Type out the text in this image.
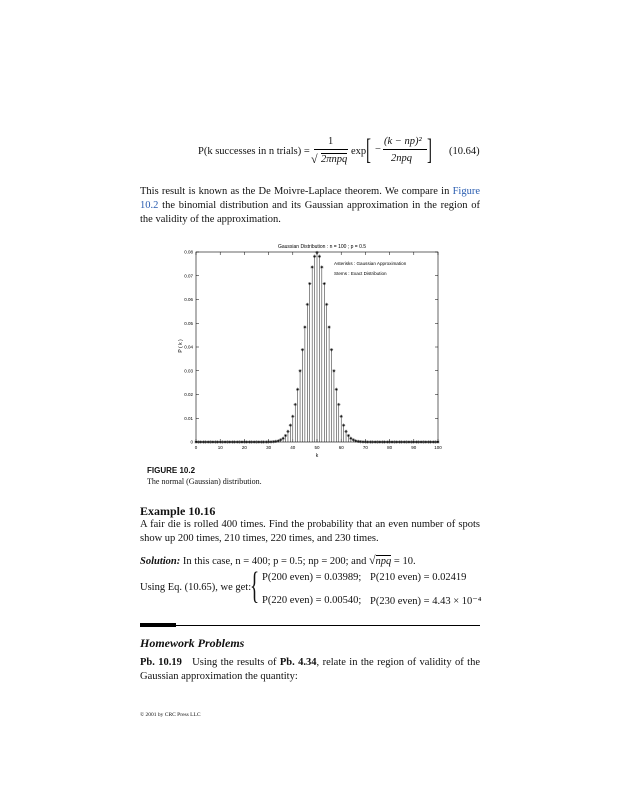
P(k successes in n trials) =
1
√ 2πnpq
exp [ −
(k − np)²
2npq ] (10.64)
This result is known as the De Moivre-Laplace theorem. We compare in Figure 10.2 the binomial distribution and its Gaussian approximation in the region of the validity of the approximation.
Gaussian Distribution : n = 100 ; p = 0.5
0
0.01
0.02
0.03
0.04
0.05
0.06
0.07
0.08
0	10	20	30	40	50	60	70	80	90	100
k
P ( k )
Asterisks : Gaussian Approximation
Stems : Exact Distribution
FIGURE 10.2
The normal (Gaussian) distribution.
Example 10.16
A fair die is rolled 400 times. Find the probability that an even number of spots show up 200 times, 210 times, 220 times, and 230 times.
Solution: In this case, n = 400; p = 0.5; np = 200; and √npq = 10.
Using Eq. (10.65), we get:
{ P(200 even) = 0.03989; P(210 even) = 0.02419
P(220 even) = 0.00540; P(230 even) = 4.43 × 10⁻⁴
Homework Problems
Pb. 10.19 Using the results of Pb. 4.34, relate in the region of validity of the Gaussian approximation the quantity:
© 2001 by CRC Press LLC
